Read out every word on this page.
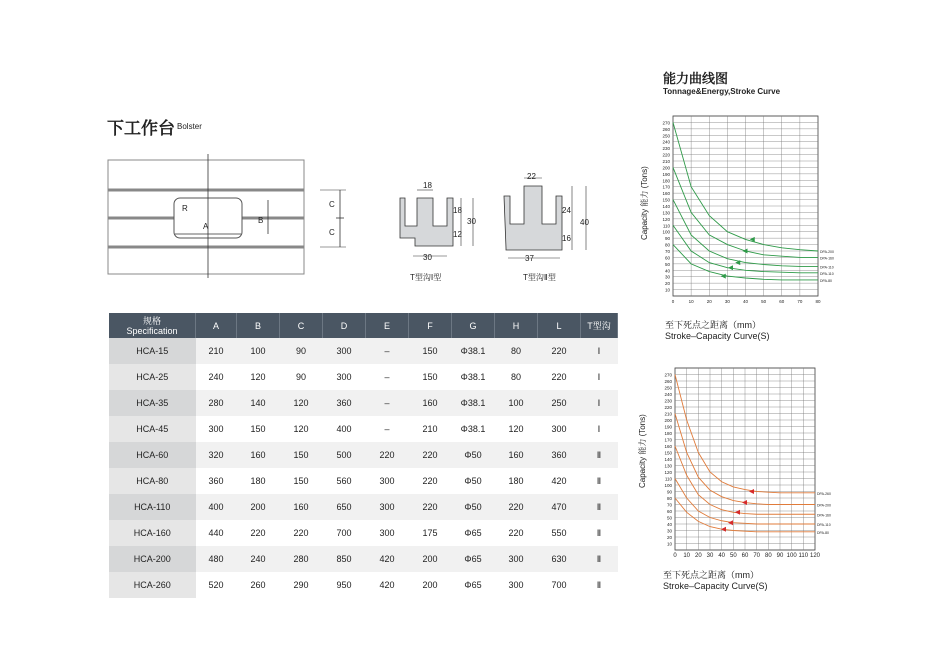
下工作台 Bolster
R
A
B
C
C
18
18
12
30
30
T型沟Ⅰ型
22
24
16
40
37
T型沟Ⅱ型
规格
Specification	A	B	C	D	E	F	G	H	L	T型沟
HCA-15	210	100	90	300	–	150	Φ38.1	80	220	Ⅰ
HCA-25	240	120	90	300	–	150	Φ38.1	80	220	Ⅰ
HCA-35	280	140	120	360	–	160	Φ38.1	100	250	Ⅰ
HCA-45	300	150	120	400	–	210	Φ38.1	120	300	Ⅰ
HCA-60	320	160	150	500	220	220	Φ50	160	360	Ⅱ
HCA-80	360	180	150	560	300	220	Φ50	180	420	Ⅱ
HCA-110	400	200	160	650	300	220	Φ50	220	470	Ⅱ
HCA-160	440	220	220	700	300	175	Φ65	220	550	Ⅱ
HCA-200	480	240	280	850	420	200	Φ65	300	630	Ⅱ
HCA-260	520	260	290	950	420	200	Φ65	300	700	Ⅱ
能力曲线图
Tonnage&Energy,Stroke Curve
10
20
30
40
50
60
70
80
90
100
110
120
130
140
150
160
170
180
190
200
210
220
230
240
250
260
270
0	10	20	30	40	50	60	70	80
DPA-200
DPA-160
DPA-110
DPA-110
DPA-80
Capacity 能力 (Tons)
至下死点之距离（mm）
Stroke–Capacity Curve(S)
10
20
30
40
50
60
70
80
90
100
110
120
130
140
150
160
170
180
190
200
210
220
230
240
250
260
270
0 10 20 30 40 50 60 70 80 90 100 110 120
DPA-260
DPA-200
DPA-160
DPA-110
DPA-80
Capacity 能力 (Tons)
至下死点之距离（mm）
Stroke–Capacity Curve(S)
